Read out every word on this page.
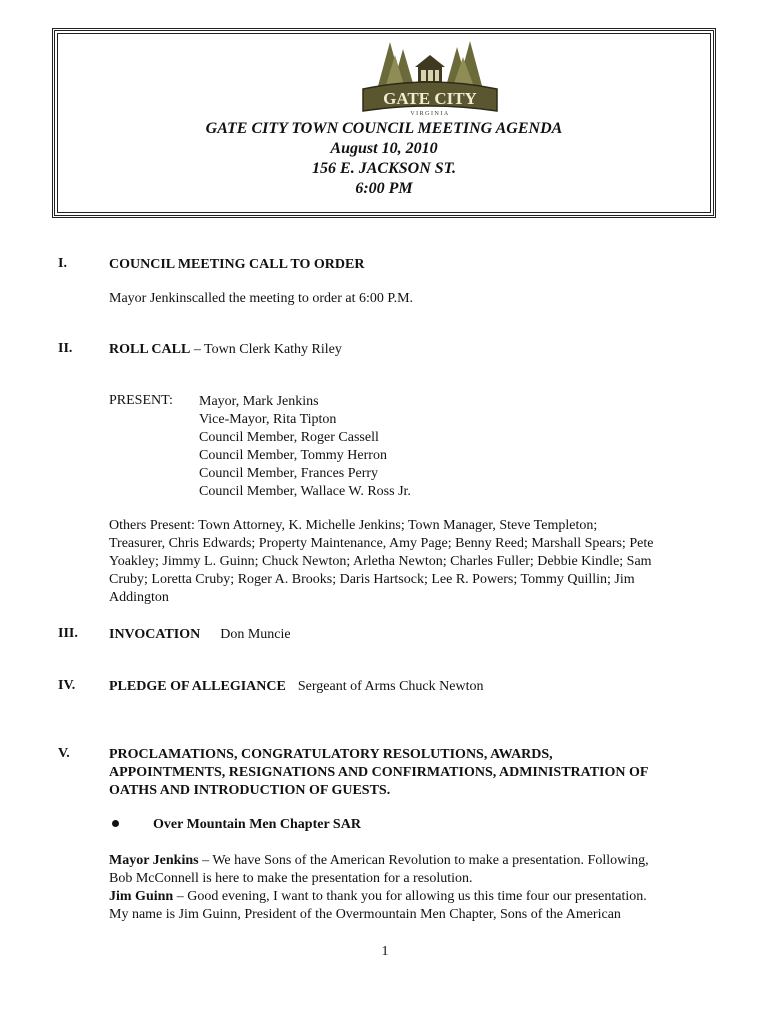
GATE CITY
VIRGINIA
GATE CITY TOWN COUNCIL MEETING AGENDA
August 10, 2010
156 E. JACKSON ST.
6:00 PM
I.	COUNCIL MEETING CALL TO ORDER
Mayor Jenkinscalled the meeting to order at 6:00 P.M.
II.	ROLL CALL – Town Clerk Kathy Riley
PRESENT: Mayor, Mark Jenkins
Vice-Mayor, Rita Tipton
Council Member, Roger Cassell
Council Member, Tommy Herron
Council Member, Frances Perry
Council Member, Wallace W. Ross Jr.
Others Present: Town Attorney, K. Michelle Jenkins; Town Manager, Steve Templeton;
Treasurer, Chris Edwards; Property Maintenance, Amy Page; Benny Reed; Marshall Spears; Pete
Yoakley; Jimmy L. Guinn; Chuck Newton; Arletha Newton; Charles Fuller; Debbie Kindle; Sam
Cruby; Loretta Cruby; Roger A. Brooks; Daris Hartsock; Lee R. Powers; Tommy Quillin; Jim
Addington
III. INVOCATION Don Muncie
IV. PLEDGE OF ALLEGIANCE Sergeant of Arms Chuck Newton
V.	PROCLAMATIONS, CONGRATULATORY RESOLUTIONS, AWARDS,
APPOINTMENTS, RESIGNATIONS AND CONFIRMATIONS, ADMINISTRATION OF
OATHS AND INTRODUCTION OF GUESTS.
Over Mountain Men Chapter SAR
Mayor Jenkins – We have Sons of the American Revolution to make a presentation. Following,
Bob McConnell is here to make the presentation for a resolution.
Jim Guinn – Good evening, I want to thank you for allowing us this time four our presentation.
My name is Jim Guinn, President of the Overmountain Men Chapter, Sons of the American
1
